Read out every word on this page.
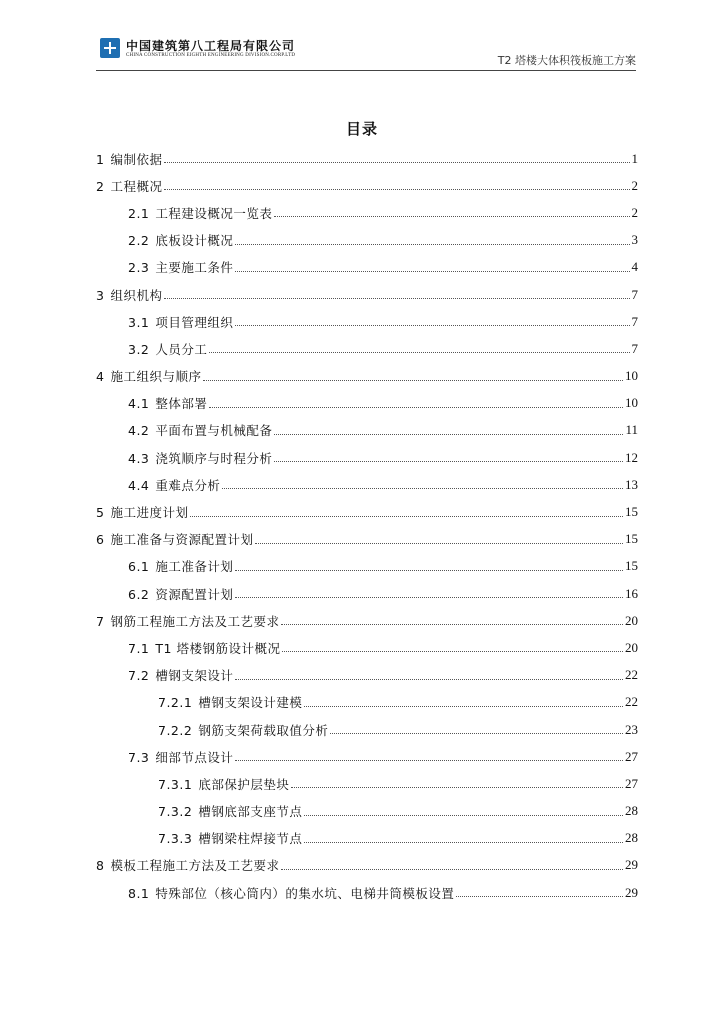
中国建筑第八工程局有限公司
CHINA CONSTRUCTION EIGHTH ENGINEERING DIVISION.CORP.LTD	T2 塔楼大体积筏板施工方案
目录
1 编制依据	1
2 工程概况	2
2.1 工程建设概况一览表	2
2.2 底板设计概况	3
2.3 主要施工条件	4
3 组织机构	7
3.1 项目管理组织	7
3.2 人员分工	7
4 施工组织与顺序	10
4.1 整体部署	10
4.2 平面布置与机械配备	11
4.3 浇筑顺序与时程分析	12
4.4 重难点分析	13
5 施工进度计划	15
6 施工准备与资源配置计划	15
6.1 施工准备计划	15
6.2 资源配置计划	16
7 钢筋工程施工方法及工艺要求	20
7.1 T1 塔楼钢筋设计概况	20
7.2 槽钢支架设计	22
7.2.1 槽钢支架设计建模	22
7.2.2 钢筋支架荷载取值分析	23
7.3 细部节点设计	27
7.3.1 底部保护层垫块	27
7.3.2 槽钢底部支座节点	28
7.3.3 槽钢梁柱焊接节点	28
8 模板工程施工方法及工艺要求	29
8.1 特殊部位（核心筒内）的集水坑、电梯井筒模板设置	29
